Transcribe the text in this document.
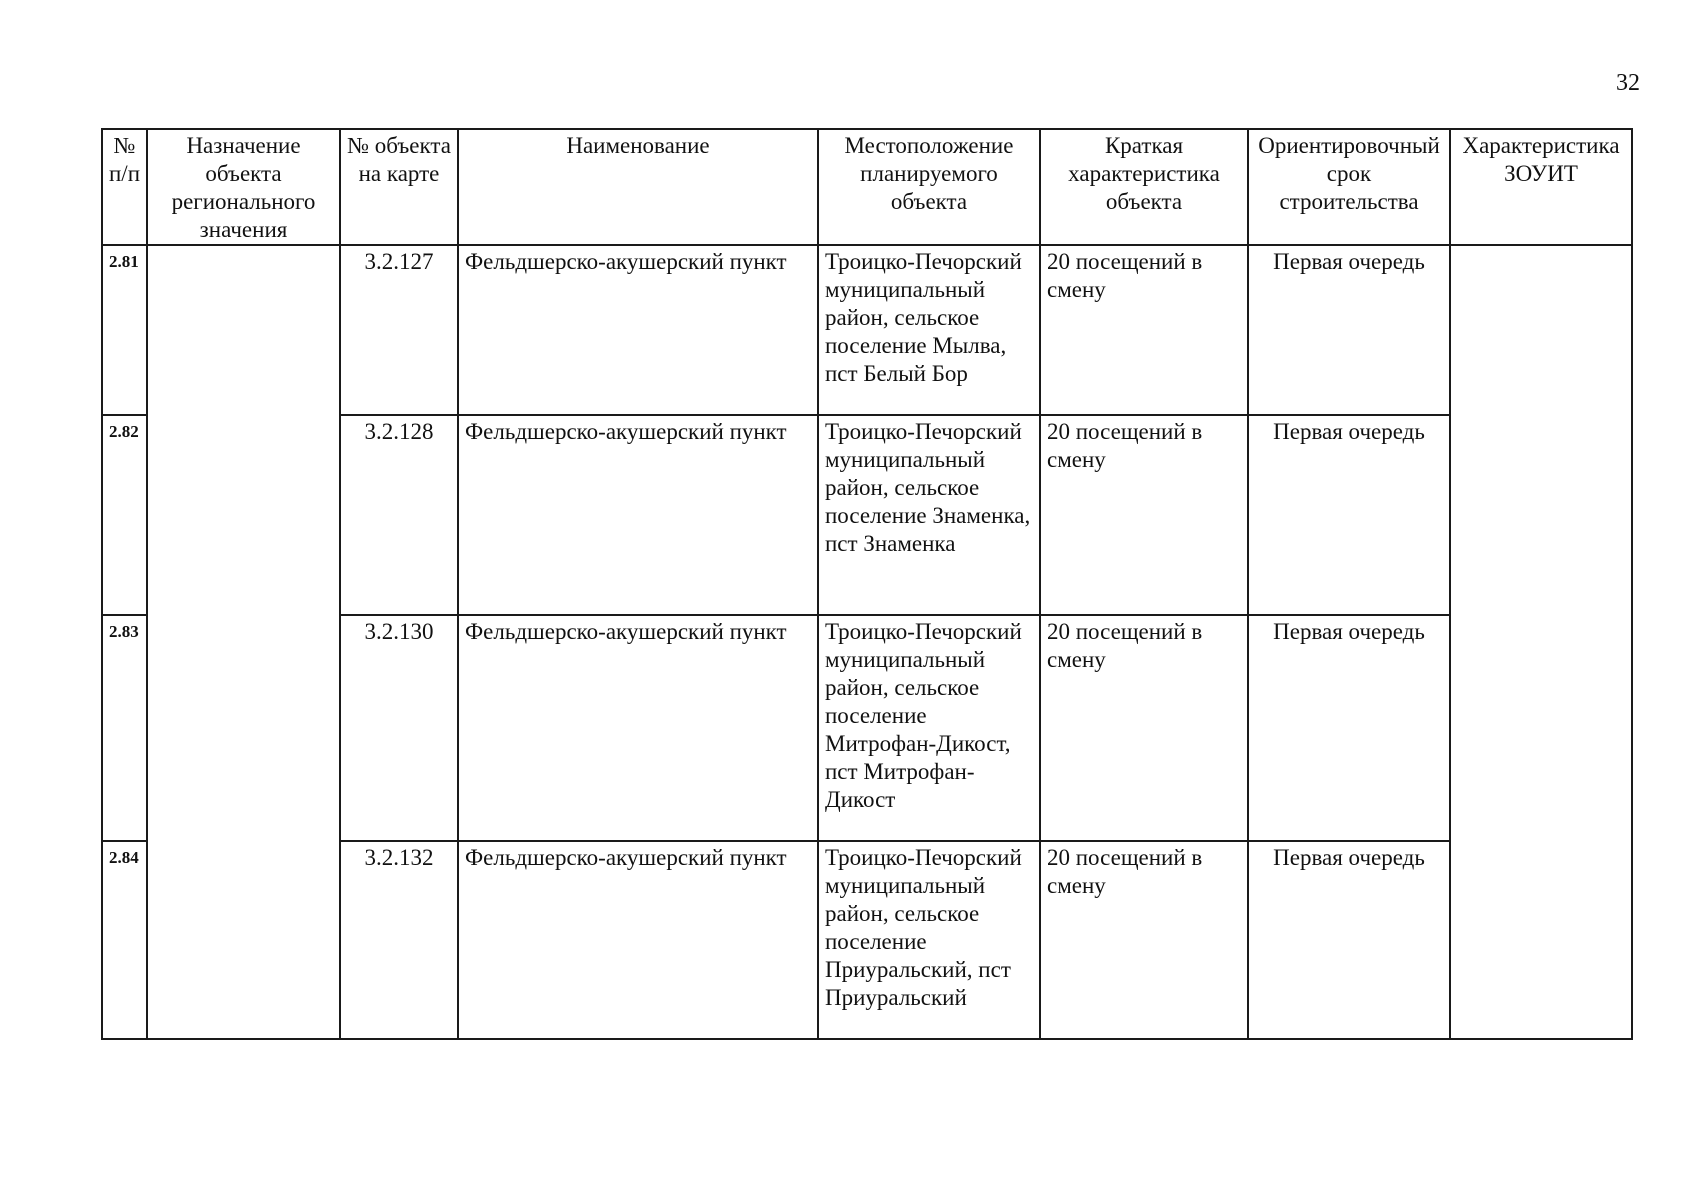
32
№ п/п	Назначение объекта регионального значения	№ объекта на карте	Наименование	Местоположение планируемого объекта	Краткая характеристика объекта	Ориентировочный срок строительства	Характеристика ЗОУИТ
2.81		3.2.127	Фельдшерско-акушерский пункт	Троицко-Печорский муниципальный район, сельское поселение Мылва, пст Белый Бор	20 посещений в смену	Первая очередь	
2.82		3.2.128	Фельдшерско-акушерский пункт	Троицко-Печорский муниципальный район, сельское поселение Знаменка, пст Знаменка	20 посещений в смену	Первая очередь	
2.83		3.2.130	Фельдшерско-акушерский пункт	Троицко-Печорский муниципальный район, сельское поселение Митрофан-Дикост, пст Митрофан-Дикост	20 посещений в смену	Первая очередь	
2.84		3.2.132	Фельдшерско-акушерский пункт	Троицко-Печорский муниципальный район, сельское поселение Приуральский, пст Приуральский	20 посещений в смену	Первая очередь	
